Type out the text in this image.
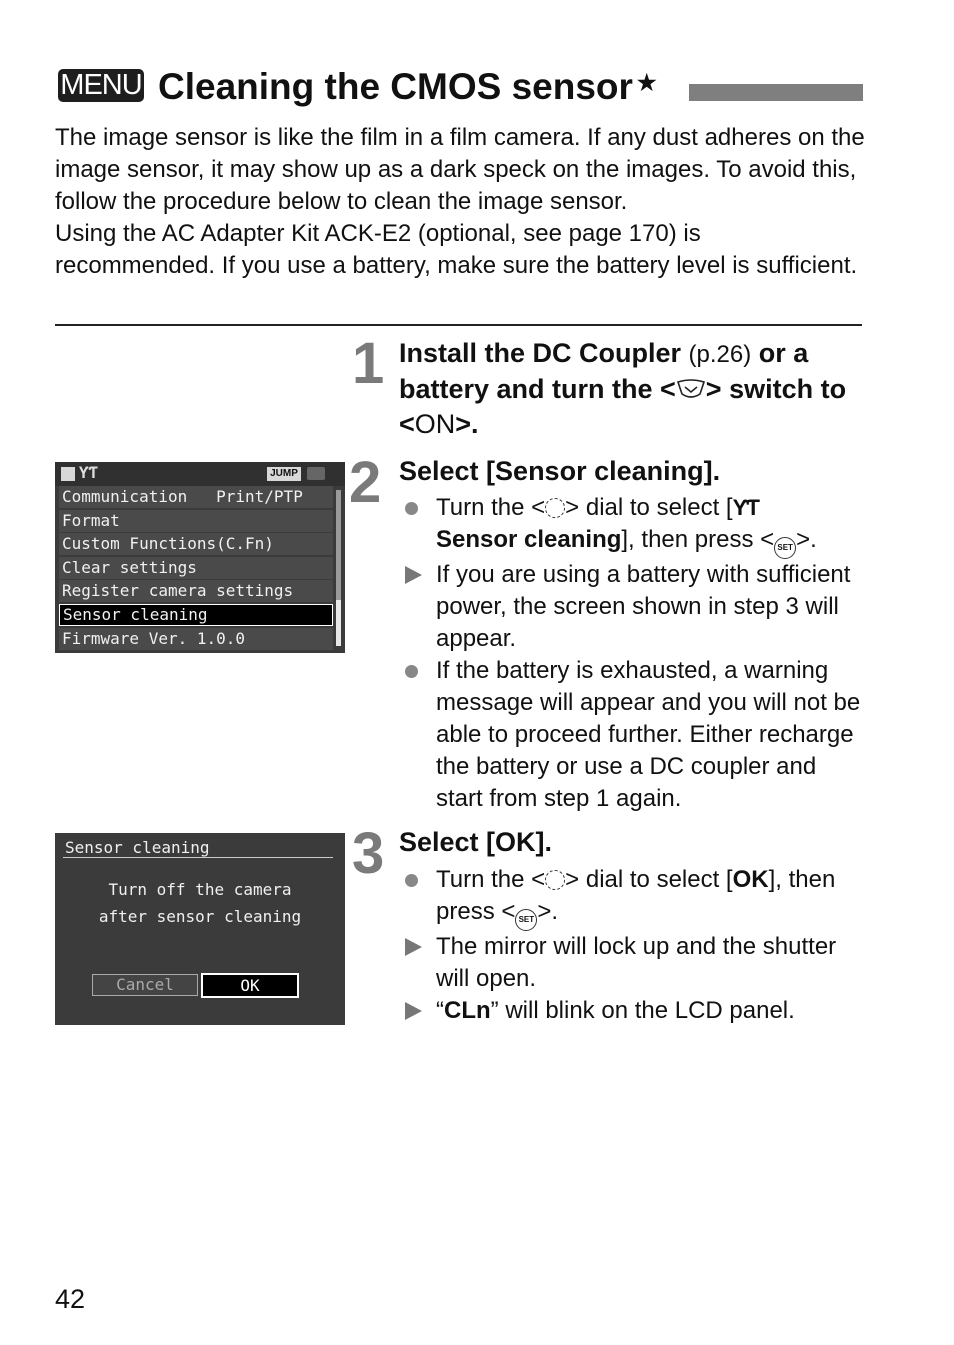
MENU Cleaning the CMOS sensor ★

The image sensor is like the film in a film camera. If any dust adheres on the image sensor, it may show up as a dark speck on the images. To avoid this, follow the procedure below to clean the image sensor.

Using the AC Adapter Kit ACK-E2 (optional, see page 170) is recommended. If you use a battery, make sure the battery level is sufficient.

1 Install the DC Coupler (p.26) or a battery and turn the < > switch to <ON>.
2 Select [Sensor cleaning].
Turn the < > dial to select [ƳƬ
Sensor cleaning], then press < SET >.
If you are using a battery with sufficient power, the screen shown in step 3 will appear.
If the battery is exhausted, a warning message will appear and you will not be able to proceed further. Either recharge the battery or use a DC coupler and start from step 1 again.
ƳƬ	JUMP
Communication   Print/PTP
Format
Custom Functions(C.Fn)
Clear settings
Register camera settings
Sensor cleaning
Firmware Ver. 1.0.0
3 Select [OK].
Turn the < > dial to select [OK], then press < SET >.
The mirror will lock up and the shutter will open.
“CLn” will blink on the LCD panel.
Sensor cleaning
Turn off the camera
after sensor cleaning
Cancel	OK
42
